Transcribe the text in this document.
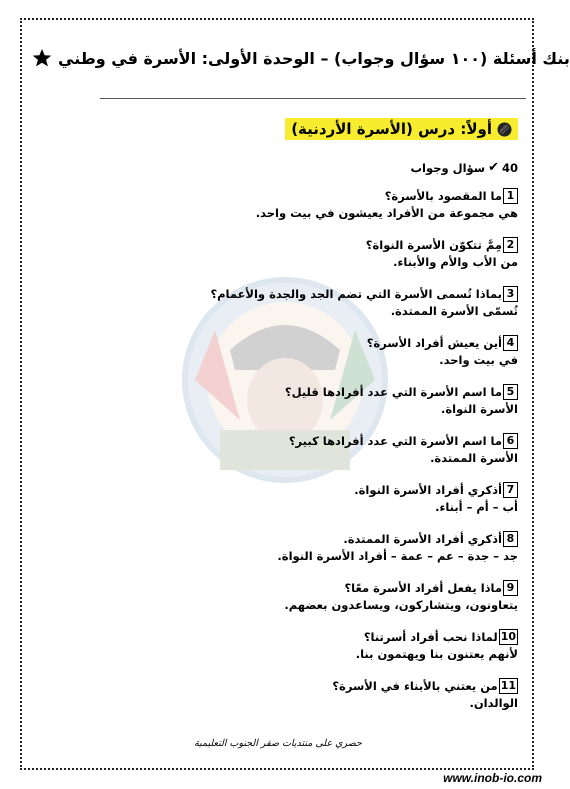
بنك أسئلة (١٠٠ سؤال وجواب) – الوحدة الأولى: الأسرة في وطني
أولاً: درس (الأسرة الأردنية)
40
✔
سؤال وجواب
1
ما المقصود بالأسرة؟
هي مجموعة من الأفراد يعيشون في بيت واحد.
2
مِمَّ تتكوّن الأسرة النواة؟
من الأب والأم والأبناء.
3
بماذا تُسمى الأسرة التي تضم الجد والجدة والأعمام؟
تُسمّى الأسرة الممتدة.
4
أين يعيش أفراد الأسرة؟
في بيت واحد.
5
ما اسم الأسرة التي عدد أفرادها قليل؟
الأسرة النواة.
6
ما اسم الأسرة التي عدد أفرادها كبير؟
الأسرة الممتدة.
7
أذكري أفراد الأسرة النواة.
أب – أم – أبناء.
8
أذكري أفراد الأسرة الممتدة.
جد – جدة – عم – عمة – أفراد الأسرة النواة.
9
ماذا يفعل أفراد الأسرة معًا؟
يتعاونون، ويتشاركون، ويساعدون بعضهم.
10
لماذا نحب أفراد أسرتنا؟
لأنهم يعتنون بنا ويهتمون بنا.
11
من يعتني بالأبناء في الأسرة؟
الوالدان.
حصري على منتديات صقر الجنوب التعليمية
www.inob-io.com
